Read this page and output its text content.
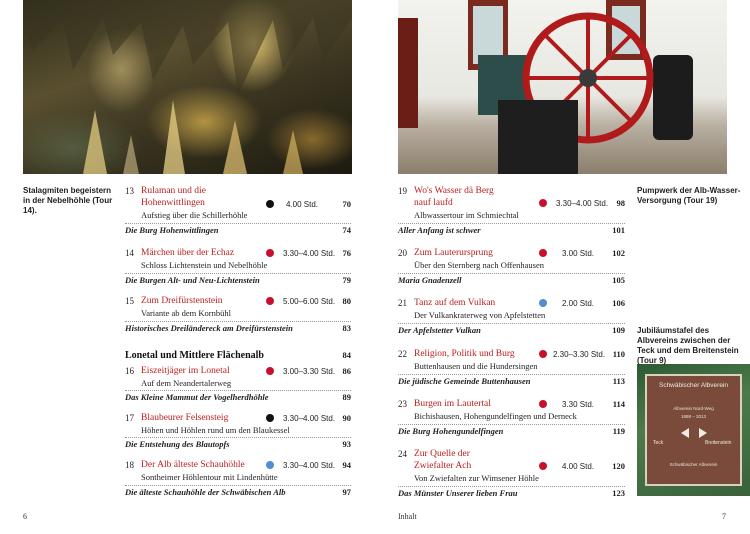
Schwäbischer Albverein
Albverein Nord-Weg
1888 – 2013
Teck	Breitenstein
Schwäbischer Albverein
Stalagmiten begeistern in der Nebelhöhle (Tour 14).
Pumpwerk der Alb-Wasser-Versorgung (Tour 19)
Jubiläumstafel des Albvereins zwischen der Teck und dem Breitenstein (Tour 9)
13 Rulaman und die
Hohenwittlingen	4.00 Std.	70
Aufstieg über die Schillerhöhle
Die Burg Hohenwittlingen	74
14 Märchen über der Echaz	3.30–4.00 Std. 76
Schloss Lichtenstein und Nebelhöhle
Die Burgen Alt- und Neu-Lichtenstein	79
15 Zum Dreifürstenstein	5.00–6.00 Std. 80
Variante ab dem Kornbühl
Historisches Dreiländereck am Dreifürstenstein	83
Lonetal und Mittlere Flächenalb	84
16 Eiszeitjäger im Lonetal	3.00–3.30 Std. 86
Auf dem Neandertalerweg
Das Kleine Mammut der Vogelherdhöhle	89
17 Blaubeurer Felsensteig	3.30–4.00 Std. 90
Höhen und Höhlen rund um den Blaukessel
Die Entstehung des Blautopfs	93
18 Der Alb älteste Schauhöhle	3.30–4.00 Std. 94
Sontheimer Höhlentour mit Lindenhütte
Die älteste Schauhöhle der Schwäbischen Alb	97
6
19 Wo's Wasser dä Berg
nauf laufd	3.30–4.00 Std. 98
Albwassertour im Schmiechtal
Aller Anfang ist schwer	101
20 Zum Lauterursprung	3.00 Std.	102
Über den Sternberg nach Offenhausen
Maria Gnadenzell	105
21 Tanz auf dem Vulkan	2.00 Std.	106
Der Vulkankraterweg von Apfelstetten
Der Apfelstetter Vulkan	109
22 Religion, Politik und Burg	2.30–3.30 Std. 110
Buttenhausen und die Hundersingen
Die jüdische Gemeinde Buttenhausen	113
23 Burgen im Lautertal	3.30 Std.	114
Bichishausen, Hohengundelfingen und Derneck
Die Burg Hohengundelfingen	119
24 Zur Quelle der
Zwiefalter Ach	4.00 Std.	120
Von Zwiefalten zur Wimsener Höhle
Das Münster Unserer lieben Frau	123
Inhalt	7
